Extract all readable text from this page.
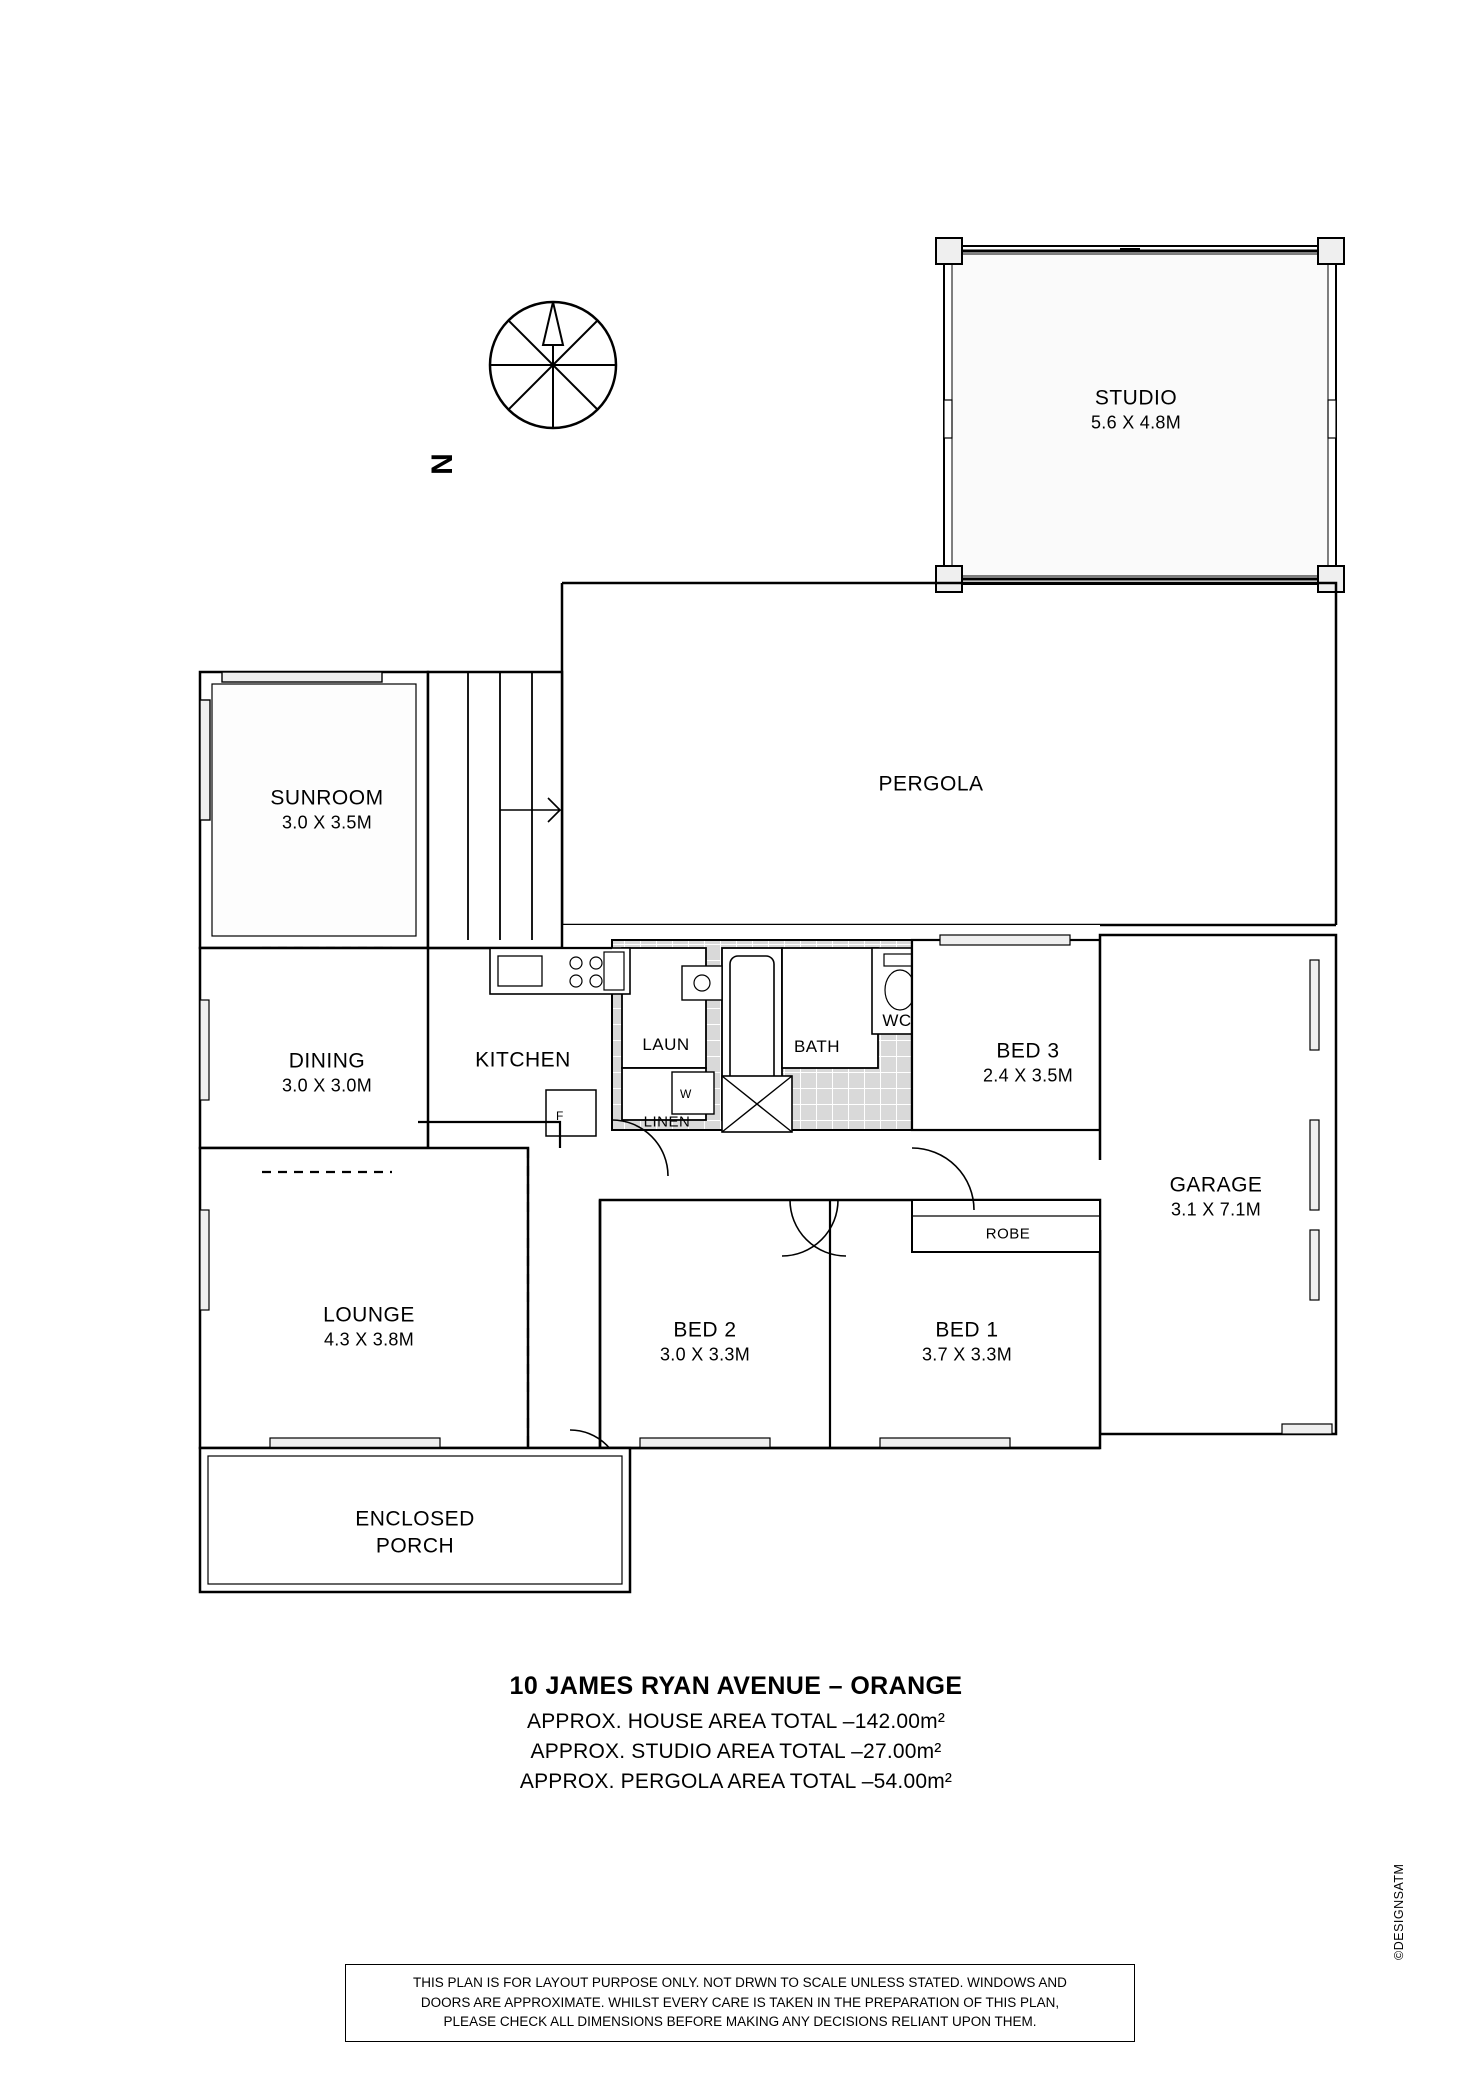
W
F
N
STUDIO
5.6 X 4.8M
PERGOLA
SUNROOM
3.0 X 3.5M
DINING
3.0 X 3.0M
KITCHEN
LAUN	BATH
WC
LINEN
BED 3
2.4 X 3.5M
GARAGE
3.1 X 7.1M
ROBE
LOUNGE
4.3 X 3.8M	BED 2
3.0 X 3.3M
BED 1
3.7 X 3.3M
ENCLOSED
PORCH
10 JAMES RYAN AVENUE – ORANGE
APPROX. HOUSE AREA TOTAL –142.00m²
APPROX. STUDIO AREA TOTAL –27.00m²
APPROX. PERGOLA AREA TOTAL –54.00m²
THIS PLAN IS FOR LAYOUT PURPOSE ONLY. NOT DRWN TO SCALE UNLESS STATED. WINDOWS AND
DOORS ARE APPROXIMATE. WHILST EVERY CARE IS TAKEN IN THE PREPARATION OF THIS PLAN,
PLEASE CHECK ALL DIMENSIONS BEFORE MAKING ANY DECISIONS RELIANT UPON THEM.
©DESIGNSATM
